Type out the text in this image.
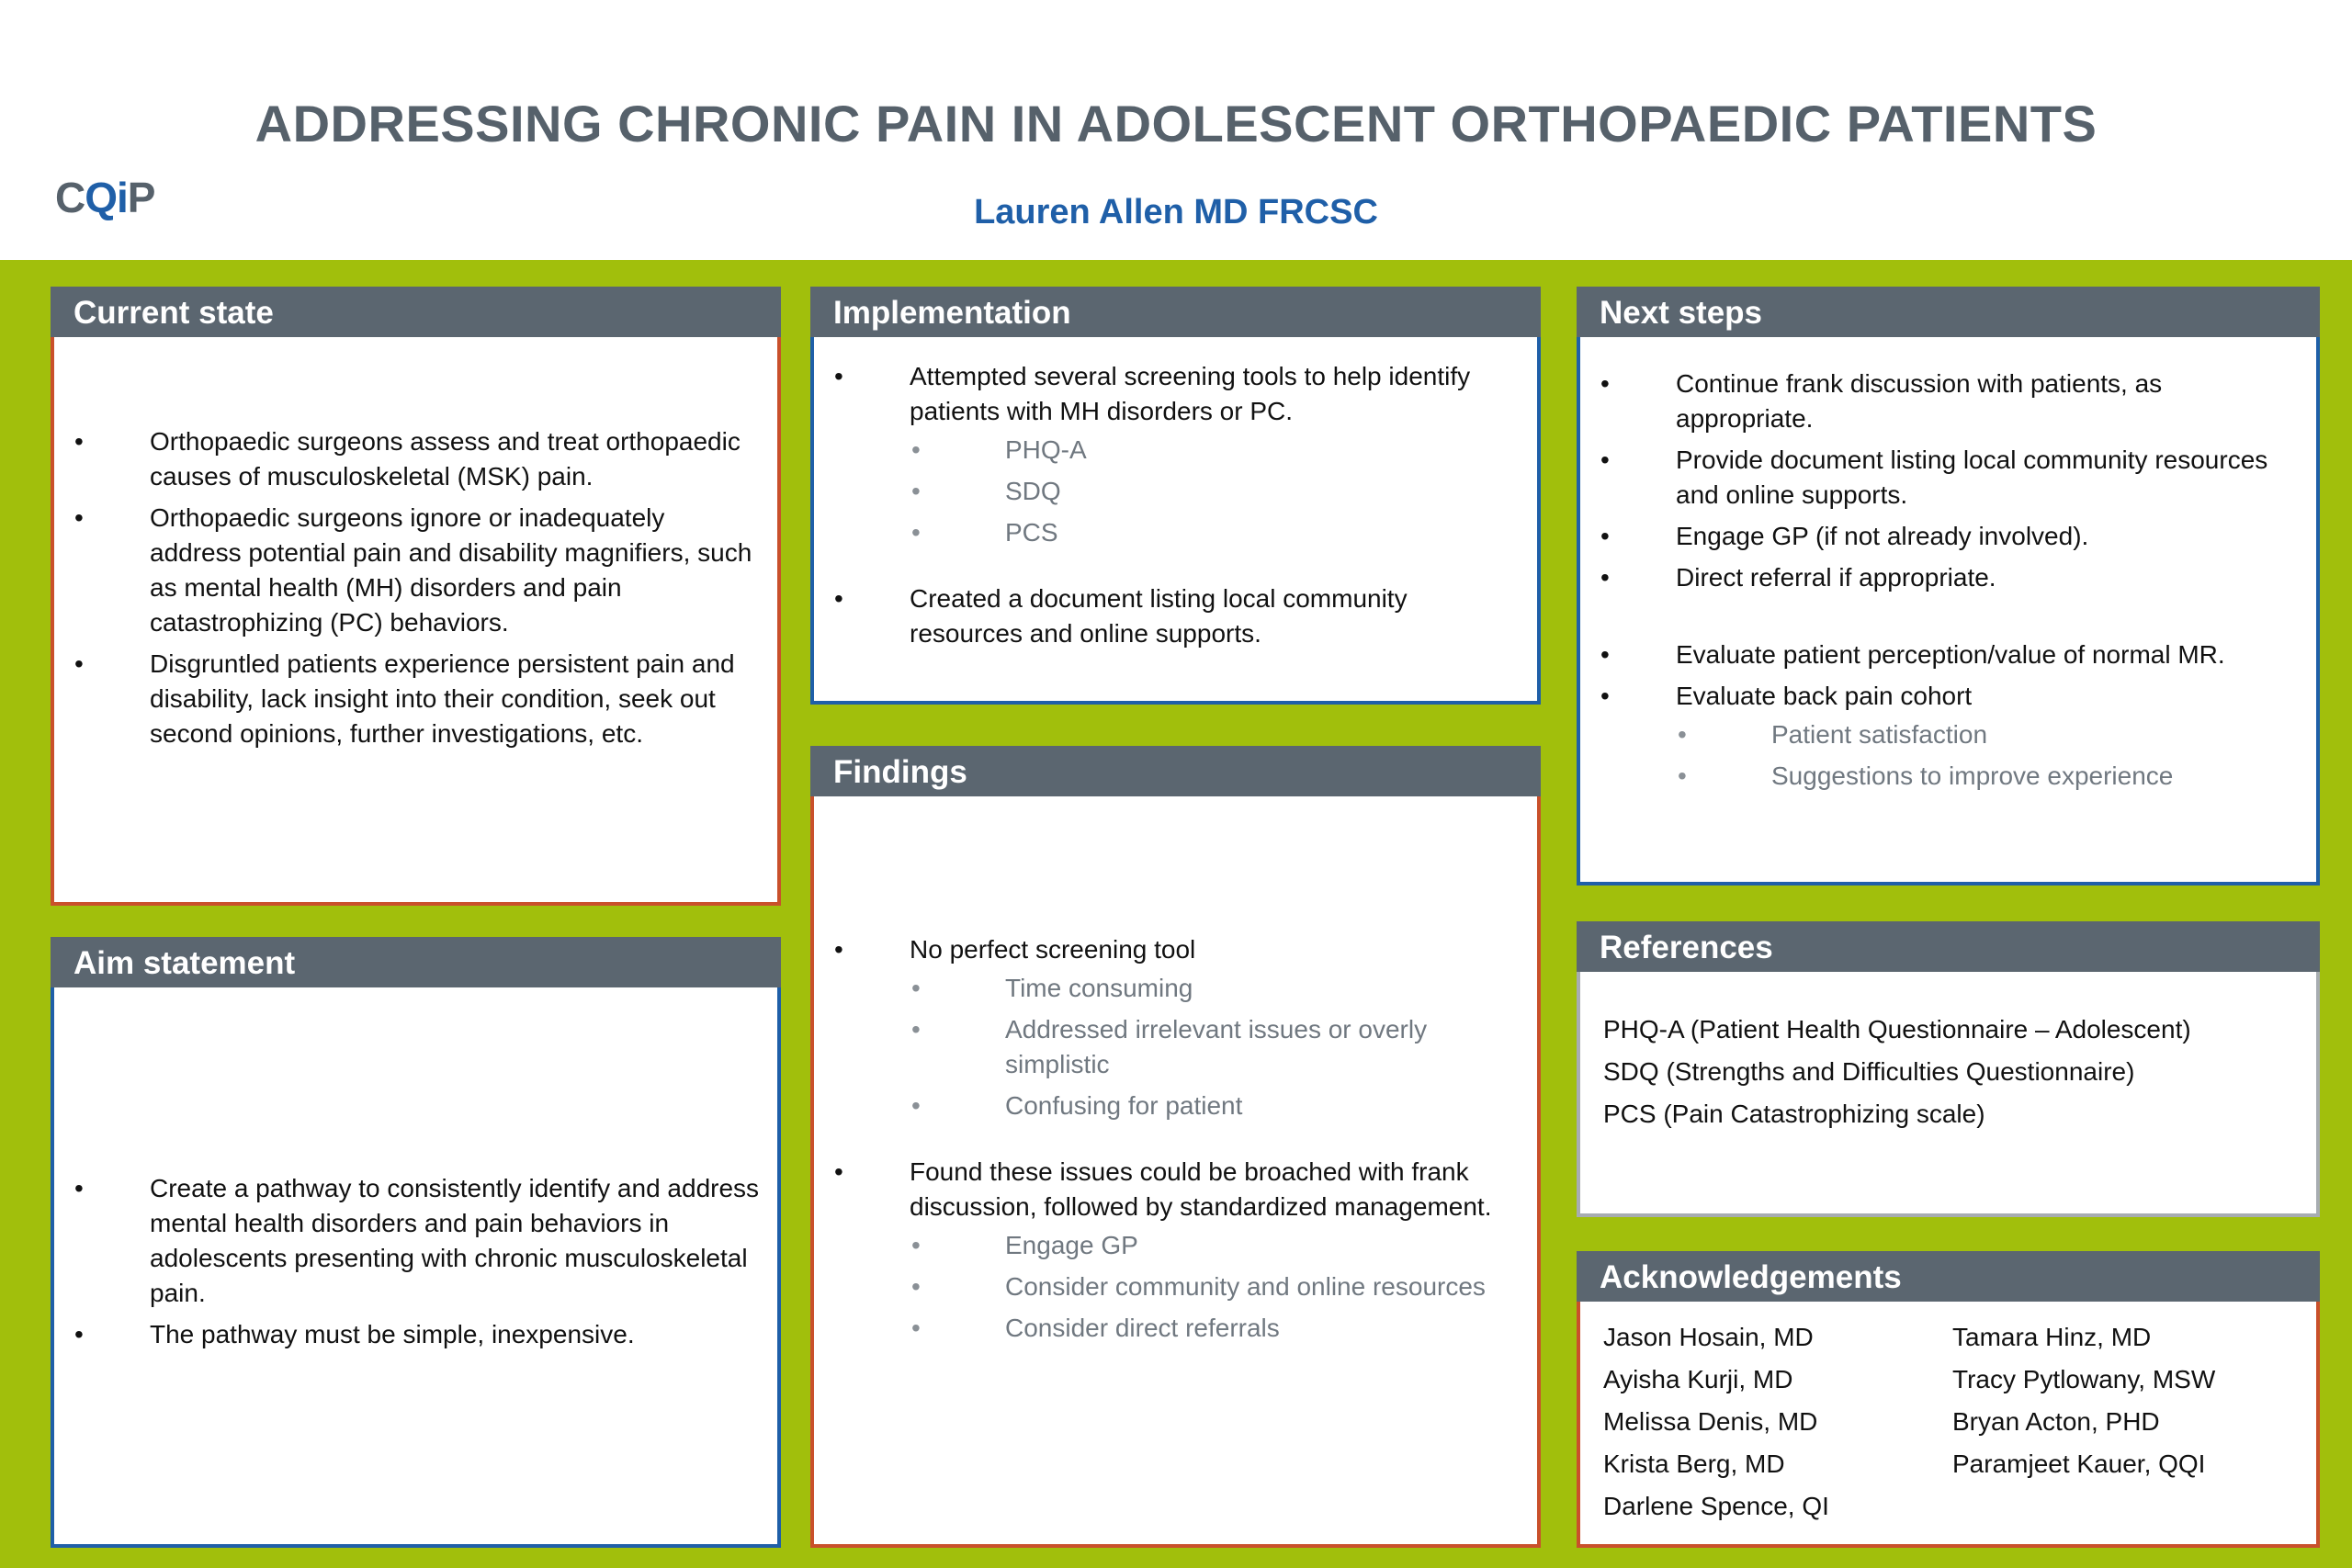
CQiP
ADDRESSING CHRONIC PAIN IN ADOLESCENT ORTHOPAEDIC PATIENTS
Lauren Allen MD FRCSC
Current state
• Orthopaedic surgeons assess and treat orthopaedic causes of musculoskeletal (MSK) pain.
• Orthopaedic surgeons ignore or inadequately address potential pain and disability magnifiers, such as mental health (MH) disorders and pain catastrophizing (PC) behaviors.
• Disgruntled patients experience persistent pain and disability, lack insight into their condition, seek out second opinions, further investigations, etc.
Aim statement
• Create a pathway to consistently identify and address mental health disorders and pain behaviors in adolescents presenting with chronic musculoskeletal pain.
• The pathway must be simple, inexpensive.
Implementation
• Attempted several screening tools to help identify patients with MH disorders or PC.
• PHQ-A
• SDQ
• PCS
• Created a document listing local community resources and online supports.
Findings
• No perfect screening tool
• Time consuming
• Addressed irrelevant issues or overly simplistic
• Confusing for patient
• Found these issues could be broached with frank discussion, followed by standardized management.
• Engage GP
• Consider community and online resources
• Consider direct referrals
Next steps
• Continue frank discussion with patients, as appropriate.
• Provide document listing local community resources and online supports.
• Engage GP (if not already involved).
• Direct referral if appropriate.
• Evaluate patient perception/value of normal MR.
• Evaluate back pain cohort
• Patient satisfaction
• Suggestions to improve experience
References
PHQ-A (Patient Health Questionnaire – Adolescent)
SDQ (Strengths and Difficulties Questionnaire)
PCS (Pain Catastrophizing scale)
Acknowledgements
Jason Hosain, MD
Ayisha Kurji, MD
Melissa Denis, MD
Krista Berg, MD
Darlene Spence, QI
Tamara Hinz, MD
Tracy Pytlowany, MSW
Bryan Acton, PHD
Paramjeet Kauer, QQI
